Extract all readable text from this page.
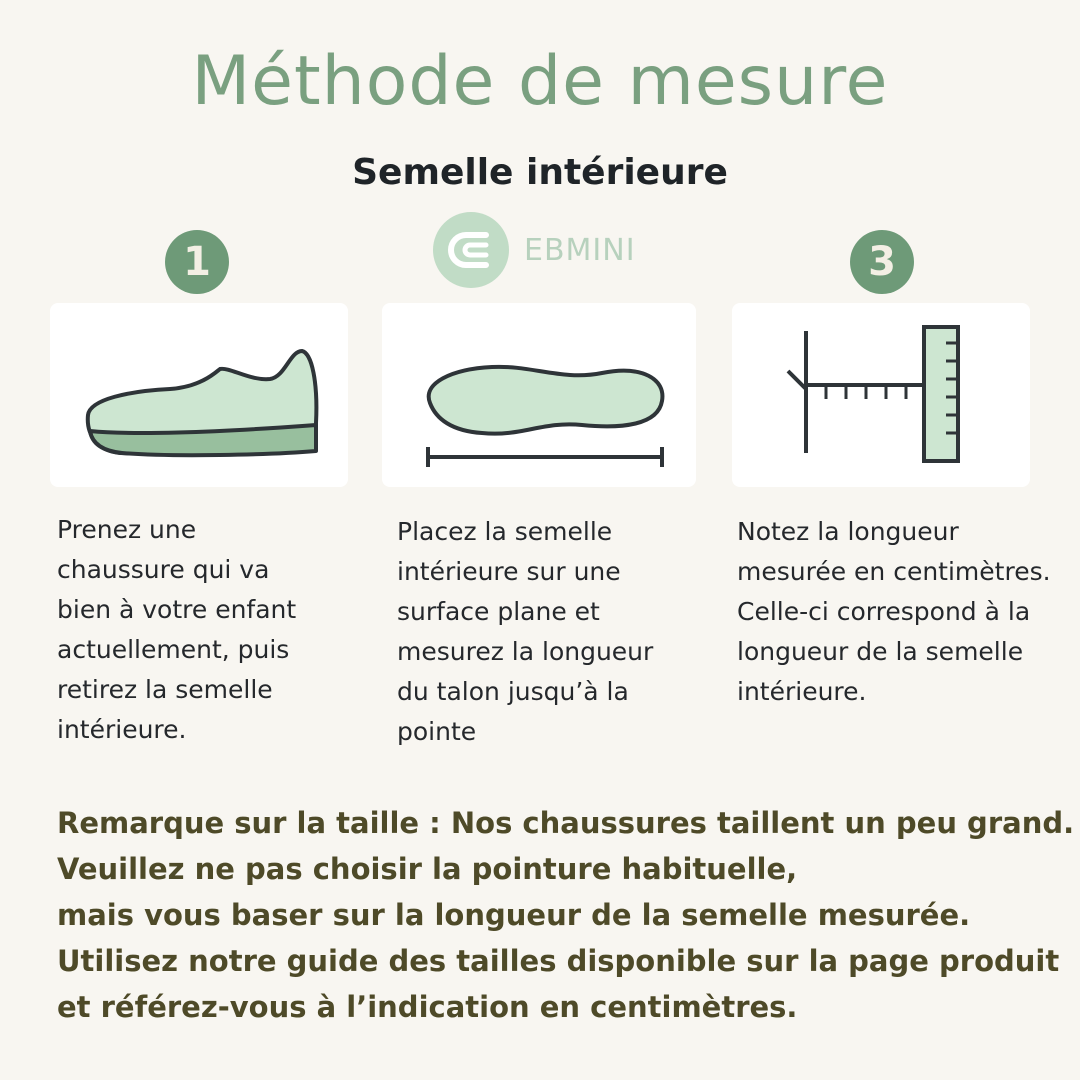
Méthode de mesure
Semelle intérieure
1	3
EBMINI
Prenez une
chaussure qui va
bien à votre enfant
actuellement, puis
retirez la semelle
intérieure.
Placez la semelle
intérieure sur une
surface plane et
mesurez la longueur
du talon jusqu’à la
pointe
Notez la longueur
mesurée en centimètres.
Celle-ci correspond à la
longueur de la semelle
intérieure.
Remarque sur la taille : Nos chaussures taillent un peu grand.
Veuillez ne pas choisir la pointure habituelle,
mais vous baser sur la longueur de la semelle mesurée.
Utilisez notre guide des tailles disponible sur la page produit
et référez-vous à l’indication en centimètres.
